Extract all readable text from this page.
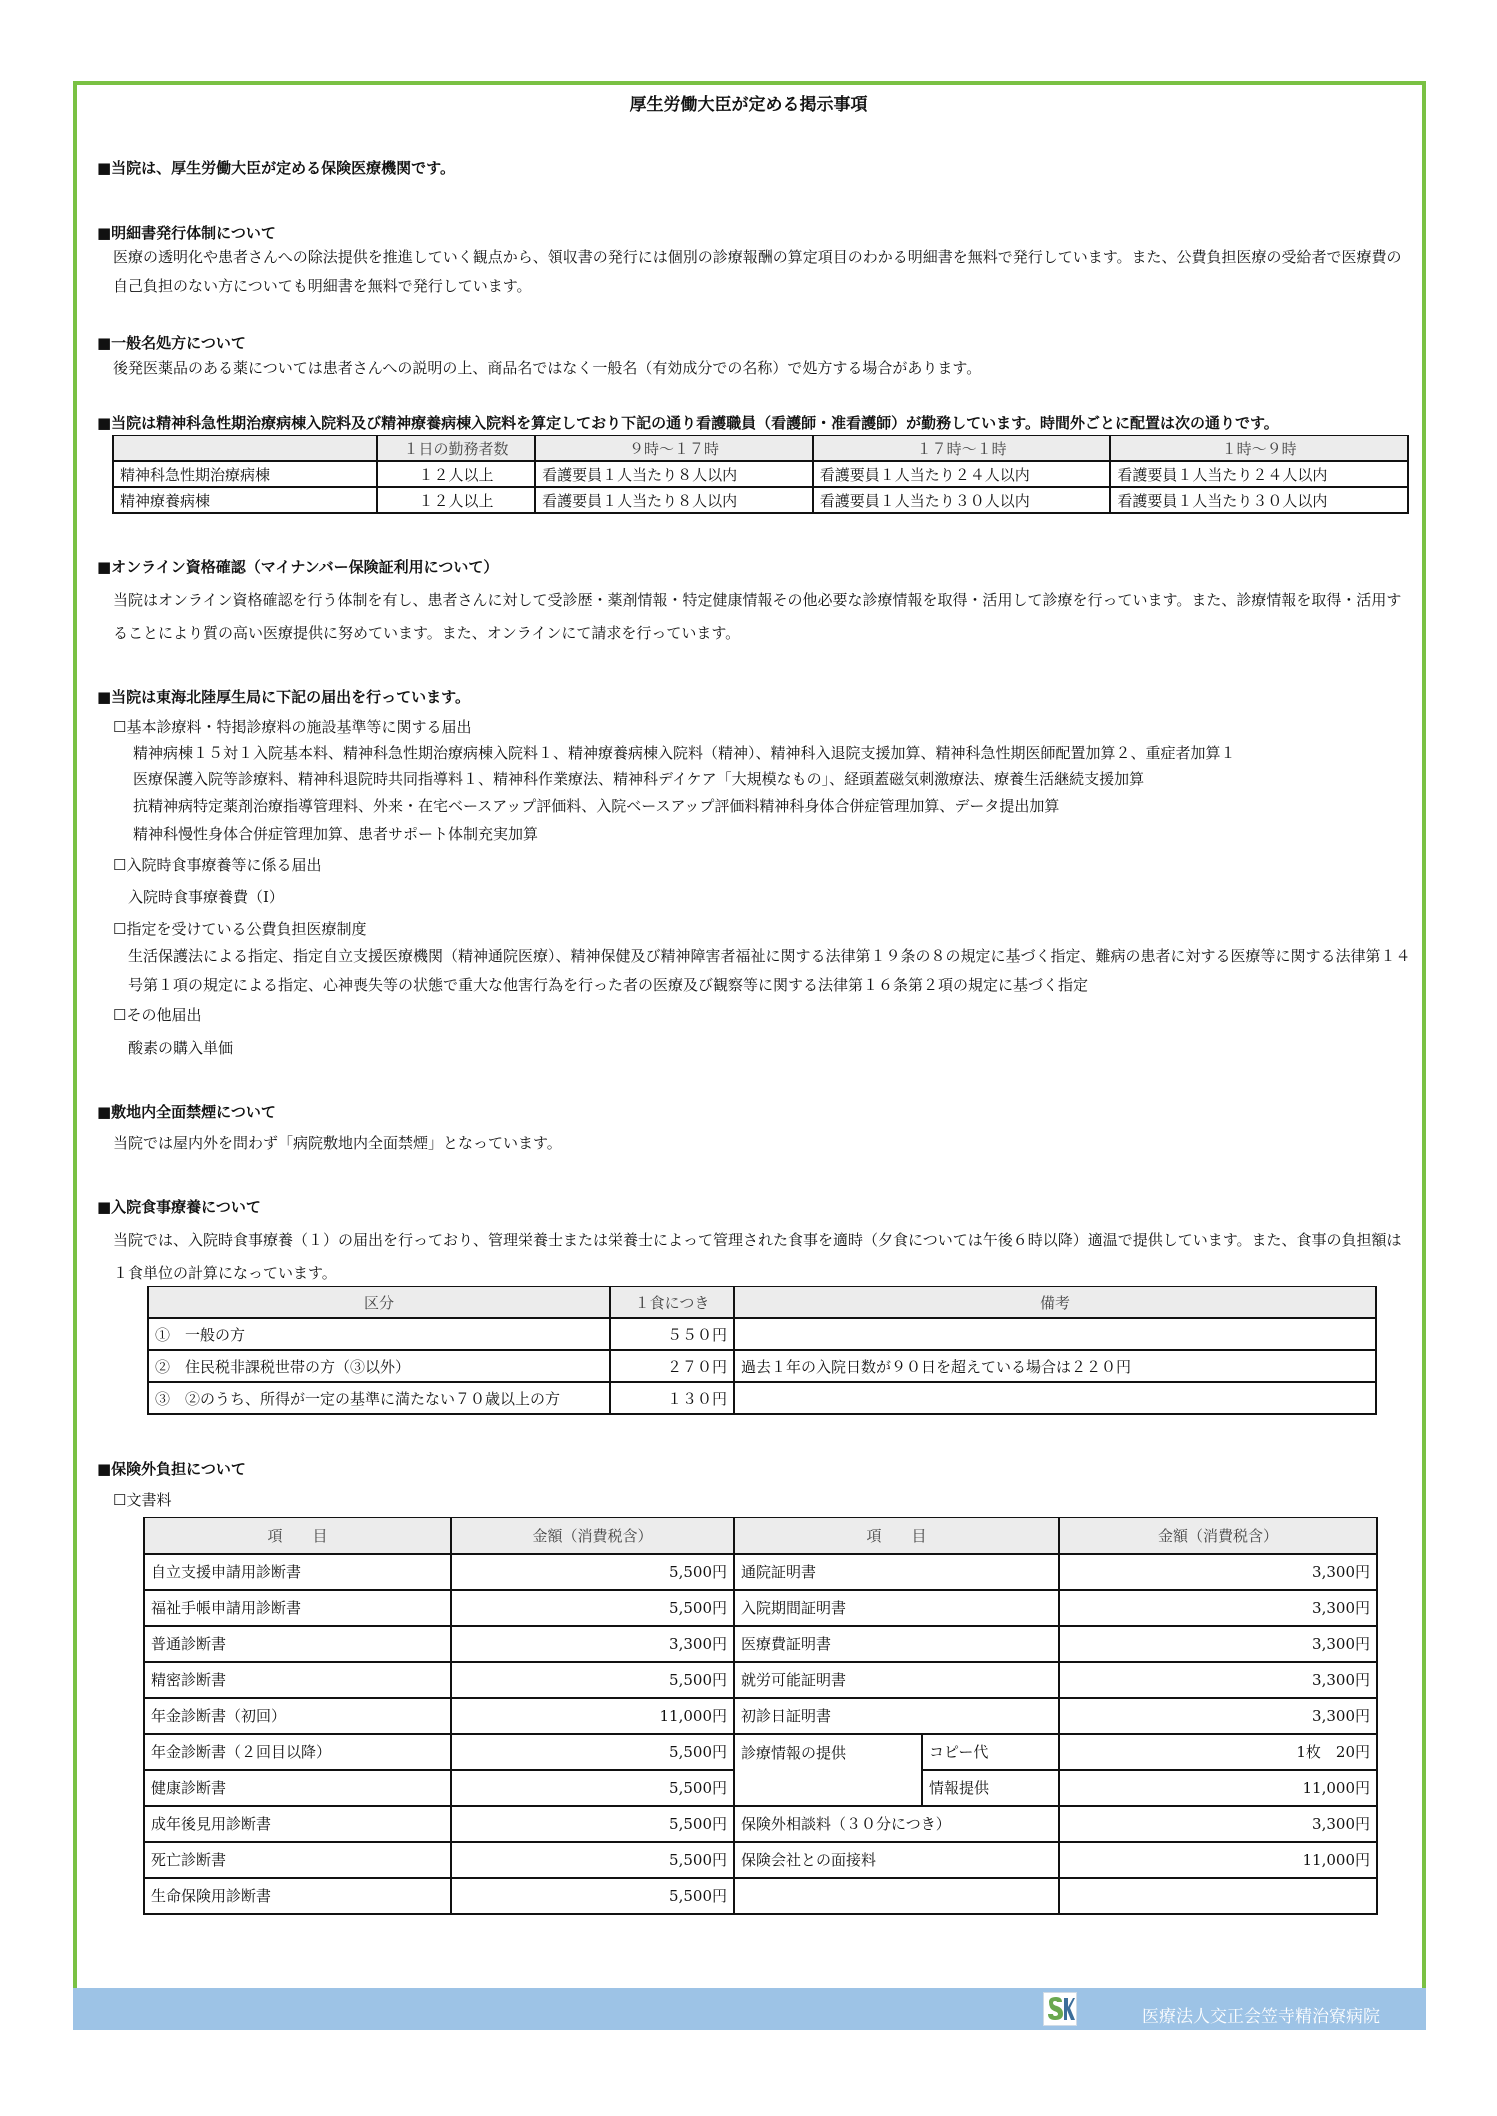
厚生労働大臣が定める掲示事項
■当院は、厚生労働大臣が定める保険医療機関です。
■明細書発行体制について
医療の透明化や患者さんへの除法提供を推進していく観点から、領収書の発行には個別の診療報酬の算定項目のわかる明細書を無料で発行しています。また、公費負担医療の受給者で医療費の自己負担のない方についても明細書を無料で発行しています。
■一般名処方について
後発医薬品のある薬については患者さんへの説明の上、商品名ではなく一般名（有効成分での名称）で処方する場合があります。
■当院は精神科急性期治療病棟入院料及び精神療養病棟入院料を算定しており下記の通り看護職員（看護師・准看護師）が勤務しています。時間外ごとに配置は次の通りです。
	１日の勤務者数	９時～１７時	１７時～１時	１時～９時
精神科急性期治療病棟	１２人以上	看護要員１人当たり８人以内	看護要員１人当たり２４人以内	看護要員１人当たり２４人以内
精神療養病棟	１２人以上	看護要員１人当たり８人以内	看護要員１人当たり３０人以内	看護要員１人当たり３０人以内
■オンライン資格確認（マイナンバー保険証利用について）
当院はオンライン資格確認を行う体制を有し、患者さんに対して受診歴・薬剤情報・特定健康情報その他必要な診療情報を取得・活用して診療を行っています。また、診療情報を取得・活用することにより質の高い医療提供に努めています。また、オンラインにて請求を行っています。
■当院は東海北陸厚生局に下記の届出を行っています。
☐基本診療料・特掲診療料の施設基準等に関する届出
精神病棟１５対１入院基本料、精神科急性期治療病棟入院料１、精神療養病棟入院料（精神）、精神科入退院支援加算、精神科急性期医師配置加算２、重症者加算１
医療保護入院等診療料、精神科退院時共同指導料１、精神科作業療法、精神科デイケア「大規模なもの」、経頭蓋磁気刺激療法、療養生活継続支援加算
抗精神病特定薬剤治療指導管理料、外来・在宅ベースアップ評価料、入院ベースアップ評価料精神科身体合併症管理加算、データ提出加算
精神科慢性身体合併症管理加算、患者サポート体制充実加算
☐入院時食事療養等に係る届出
入院時食事療養費（Ⅰ）
☐指定を受けている公費負担医療制度
生活保護法による指定、指定自立支援医療機関（精神通院医療）、精神保健及び精神障害者福祉に関する法律第１９条の８の規定に基づく指定、難病の患者に対する医療等に関する法律第１４号第１項の規定による指定、心神喪失等の状態で重大な他害行為を行った者の医療及び観察等に関する法律第１６条第２項の規定に基づく指定
☐その他届出
酸素の購入単価
■敷地内全面禁煙について
当院では屋内外を問わず「病院敷地内全面禁煙」となっています。
■入院食事療養について
当院では、入院時食事療養（１）の届出を行っており、管理栄養士または栄養士によって管理された食事を適時（夕食については午後６時以降）適温で提供しています。また、食事の負担額は１食単位の計算になっています。
区分	１食につき	備考
①　一般の方	５５０円	
②　住民税非課税世帯の方（③以外）	２７０円	過去１年の入院日数が９０日を超えている場合は２２０円
③　②のうち、所得が一定の基準に満たない７０歳以上の方	１３０円	
■保険外負担について
☐文書料
項　　目	金額（消費税含）	項　　目		金額（消費税含）
自立支援申請用診断書	5,500円	通院証明書		3,300円
福祉手帳申請用診断書	5,500円	入院期間証明書		3,300円
普通診断書	3,300円	医療費証明書		3,300円
精密診断書	5,500円	就労可能証明書		3,300円
年金診断書（初回）	11,000円	初診日証明書		3,300円
年金診断書（２回目以降）	5,500円	診療情報の提供	コピー代	1枚　20円
健康診断書	5,500円		情報提供	11,000円
成年後見用診断書	5,500円	保険外相談料（３０分につき）		3,300円
死亡診断書	5,500円	保険会社との面接料		11,000円
生命保険用診断書	5,500円			
医療法人交正会笠寺精治寮病院
